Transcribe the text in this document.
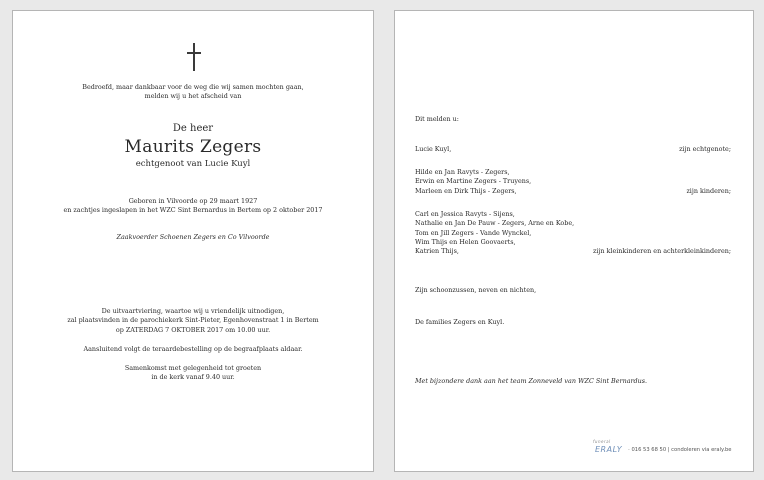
Bedroefd, maar dankbaar voor de weg die wij samen mochten gaan,
melden wij u het afscheid van
De heer
Maurits Zegers
echtgenoot van Lucie Kuyl
Geboren in Vilvoorde op 29 maart 1927
en zachtjes ingeslapen in het WZC Sint Bernardus in Bertem op 2 oktober 2017
Zaakvoerder Schoenen Zegers en Co Vilvoorde
De uitvaartviering, waartoe wij u vriendelijk uitnodigen,
zal plaatsvinden in de parochiekerk Sint-Pieter, Egenhovenstraat 1 in Bertem
op ZATERDAG 7 OKTOBER 2017 om 10.00 uur.
Aansluitend volgt de teraardebestelling op de begraafplaats aldaar.
Samenkomst met gelegenheid tot groeten
in de kerk vanaf 9.40 uur.
Dit melden u:
Lucie Kuyl,	zijn echtgenote;
Hilde en Jan Ravyts - Zegers,
Erwin en Martine Zegers - Truyens,
Marleen en Dirk Thijs - Zegers,	zijn kinderen;
Carl en Jessica Ravyts - Sijens,
Nathalie en Jan De Pauw - Zegers, Arne en Kobe,
Tom en Jill Zegers - Vande Wynckel,
Wim Thijs en Helen Goovaerts,
Katrien Thijs,	zijn kleinkinderen en achterkleinkinderen;
Zijn schoonzussen, neven en nichten,
De families Zegers en Kuyl.
Met bijzondere dank aan het team Zonneveld van WZC Sint Bernardus.
funeral
ERALY · 016 53 68 50 | condoleren via eraly.be
